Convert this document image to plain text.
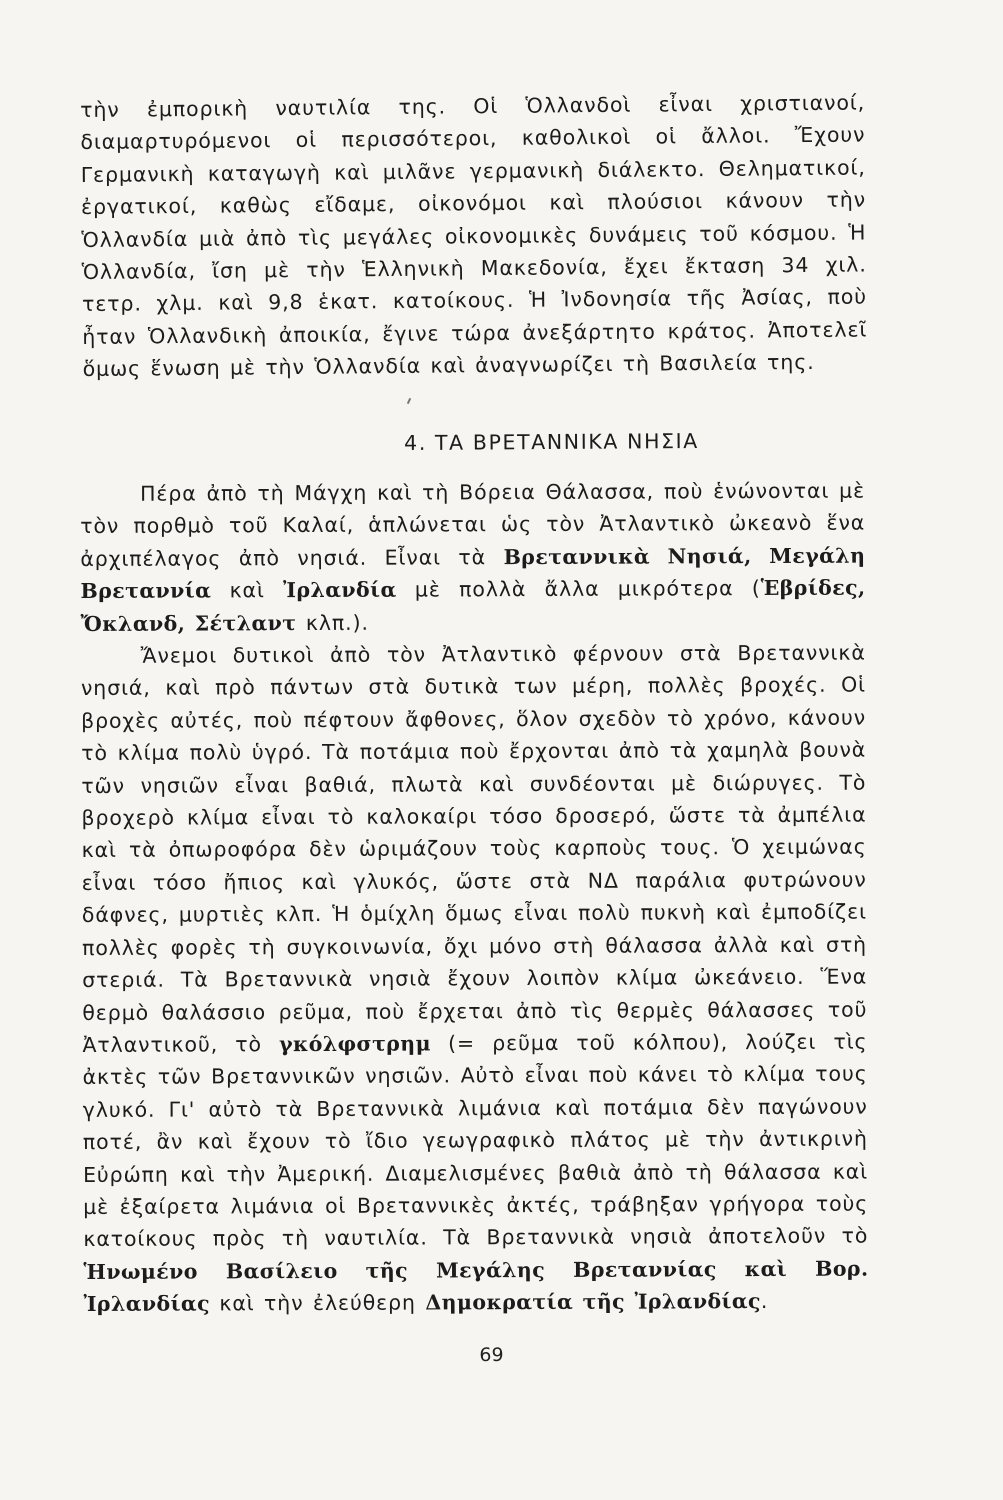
τὴν ἐμπορικὴ ναυτιλία της. Οἱ Ὁλλανδοὶ εἶναι χριστιανοί, διαμαρτυρόμενοι οἱ περισσότεροι, καθολικοὶ οἱ ἄλλοι. Ἔχουν Γερμανικὴ καταγωγὴ καὶ μιλᾶνε γερμανικὴ διάλεκτο. Θεληματικοί, ἐργατικοί, καθὼς εἴδαμε, οἰκονόμοι καὶ πλούσιοι κάνουν τὴν Ὁλλανδία μιὰ ἀπὸ τὶς μεγάλες οἰκονομικὲς δυνάμεις τοῦ κόσμου. Ἡ Ὁλλανδία, ἴση μὲ τὴν Ἑλληνικὴ Μακεδονία, ἔχει ἔκταση 34 χιλ. τετρ. χλμ. καὶ 9,8 ἑκατ. κατοίκους. Ἡ Ἰνδονησία τῆς Ἀσίας, ποὺ ἦταν Ὁλλανδικὴ ἀποικία, ἔγινε τώρα ἀνεξάρτητο κράτος. Ἀποτελεῖ ὅμως ἕνωση μὲ τὴν Ὁλλανδία καὶ ἀναγνωρίζει τὴ Βασιλεία της.

4. ΤΑ ΒΡΕΤΑΝΝΙΚΑ ΝΗΣΙΑ

Πέρα ἀπὸ τὴ Μάγχη καὶ τὴ Βόρεια Θάλασσα, ποὺ ἑνώνονται μὲ τὸν πορθμὸ τοῦ Καλαί, ἁπλώνεται ὡς τὸν Ἀτλαντικὸ ὠκεανὸ ἕνα ἀρχιπέλαγος ἀπὸ νησιά. Εἶναι τὰ Βρεταννικὰ Νησιά, Μεγάλη Βρεταννία καὶ Ἰρλανδία μὲ πολλὰ ἄλλα μικρότερα (Ἑβρίδες, Ὄκλανδ, Σέτλαντ κλπ.).

Ἄνεμοι δυτικοὶ ἀπὸ τὸν Ἀτλαντικὸ φέρνουν στὰ Βρεταννικὰ νησιά, καὶ πρὸ πάντων στὰ δυτικὰ των μέρη, πολλὲς βροχές. Οἱ βροχὲς αὐτές, ποὺ πέφτουν ἄφθονες, ὅλον σχεδὸν τὸ χρόνο, κάνουν τὸ κλίμα πολὺ ὑγρό. Τὰ ποτάμια ποὺ ἔρχονται ἀπὸ τὰ χαμηλὰ βουνὰ τῶν νησιῶν εἶναι βαθιά, πλωτὰ καὶ συνδέονται μὲ διώρυγες. Τὸ βροχερὸ κλίμα εἶναι τὸ καλοκαίρι τόσο δροσερό, ὥστε τὰ ἀμπέλια καὶ τὰ ὀπωροφόρα δὲν ὡριμάζουν τοὺς καρποὺς τους. Ὁ χειμώνας εἶναι τόσο ἤπιος καὶ γλυκός, ὥστε στὰ ΝΔ παράλια φυτρώνουν δάφνες, μυρτιὲς κλπ. Ἡ ὁμίχλη ὅμως εἶναι πολὺ πυκνὴ καὶ ἐμποδίζει πολλὲς φορὲς τὴ συγκοινωνία, ὄχι μόνο στὴ θάλασσα ἀλλὰ καὶ στὴ στεριά. Τὰ Βρεταννικὰ νησιὰ ἔχουν λοιπὸν κλίμα ὠκεάνειο. Ἕνα θερμὸ θαλάσσιο ρεῦμα, ποὺ ἔρχεται ἀπὸ τὶς θερμὲς θάλασσες τοῦ Ἀτλαντικοῦ, τὸ γκόλφστρημ (= ρεῦμα τοῦ κόλπου), λούζει τὶς ἀκτὲς τῶν Βρεταννικῶν νησιῶν. Αὐτὸ εἶναι ποὺ κάνει τὸ κλίμα τους γλυκό. Γι' αὐτὸ τὰ Βρεταννικὰ λιμάνια καὶ ποτάμια δὲν παγώνουν ποτέ, ἂν καὶ ἔχουν τὸ ἴδιο γεωγραφικὸ πλάτος μὲ τὴν ἀντικρινὴ Εὐρώπη καὶ τὴν Ἀμερική. Διαμελισμένες βαθιὰ ἀπὸ τὴ θάλασσα καὶ μὲ ἐξαίρετα λιμάνια οἱ Βρεταννικὲς ἀκτές, τράβηξαν γρήγορα τοὺς κατοίκους πρὸς τὴ ναυτιλία. Τὰ Βρεταννικὰ νησιὰ ἀποτελοῦν τὸ Ἡνωμένο Βασίλειο τῆς Μεγάλης Βρεταννίας καὶ Βορ. Ἰρλανδίας καὶ τὴν ἐλεύθερη Δημοκρατία τῆς Ἰρλανδίας.

69
